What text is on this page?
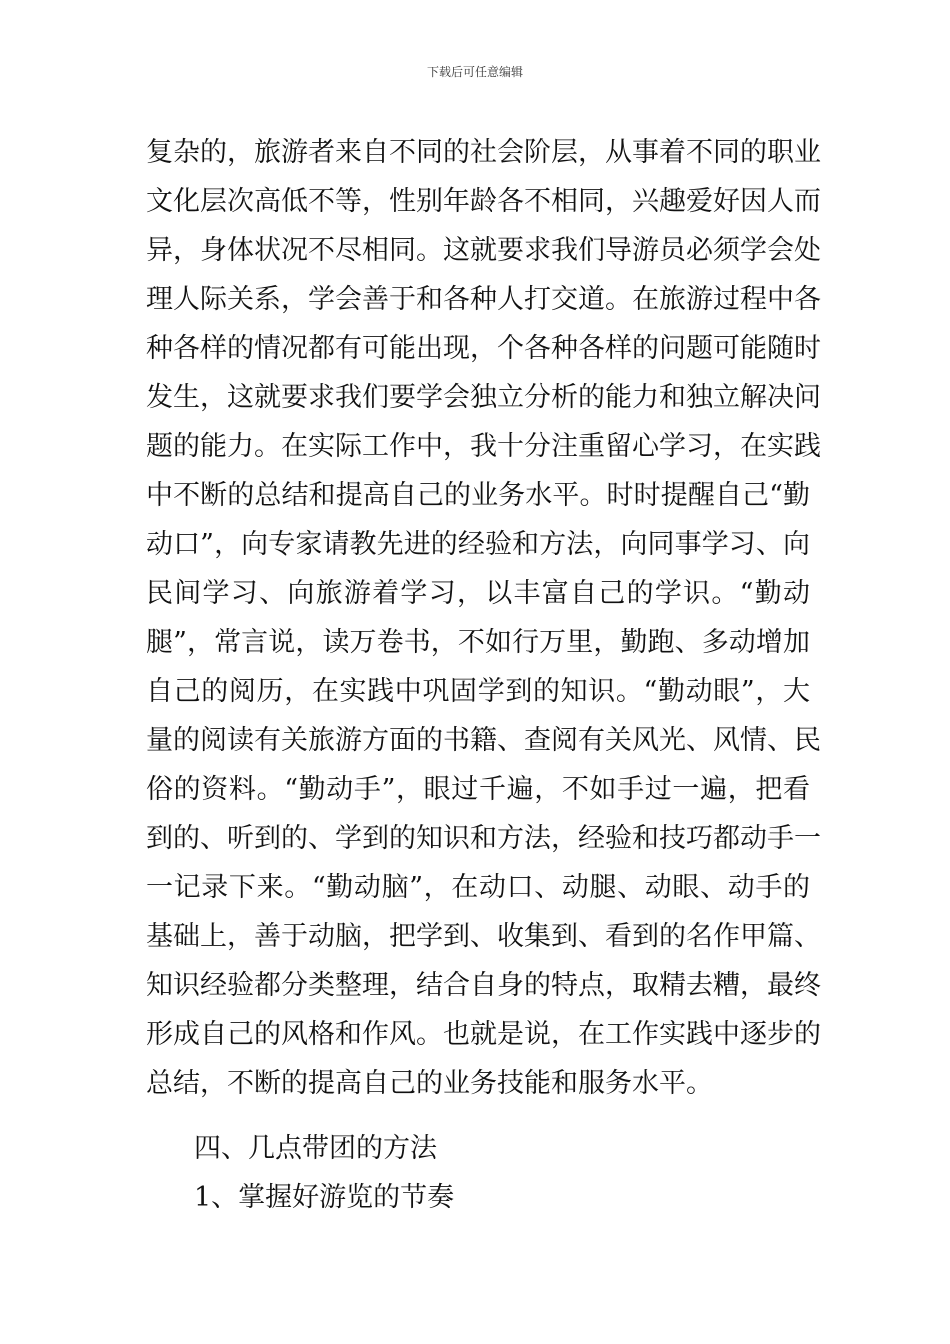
下载后可任意编辑
复杂的，旅游者来自不同的社会阶层，从事着不同的职业
文化层次高低不等，性别年龄各不相同，兴趣爱好因人而
异，身体状况不尽相同。这就要求我们导游员必须学会处
理人际关系，学会善于和各种人打交道。在旅游过程中各
种各样的情况都有可能出现，个各种各样的问题可能随时
发生，这就要求我们要学会独立分析的能力和独立解决问
题的能力。在实际工作中，我十分注重留心学习，在实践
中不断的总结和提高自己的业务水平。时时提醒自己“勤
动口”，向专家请教先进的经验和方法，向同事学习、向
民间学习、向旅游着学习，以丰富自己的学识。“勤动
腿”，常言说，读万卷书，不如行万里，勤跑、多动增加
自己的阅历，在实践中巩固学到的知识。“勤动眼”，大
量的阅读有关旅游方面的书籍、查阅有关风光、风情、民
俗的资料。“勤动手”，眼过千遍，不如手过一遍，把看
到的、听到的、学到的知识和方法，经验和技巧都动手一
一记录下来。“勤动脑”，在动口、动腿、动眼、动手的
基础上，善于动脑，把学到、收集到、看到的名作甲篇、
知识经验都分类整理，结合自身的特点，取精去糟，最终
形成自己的风格和作风。也就是说，在工作实践中逐步的
总结，不断的提高自己的业务技能和服务水平。
四、几点带团的方法
1、掌握好游览的节奏
